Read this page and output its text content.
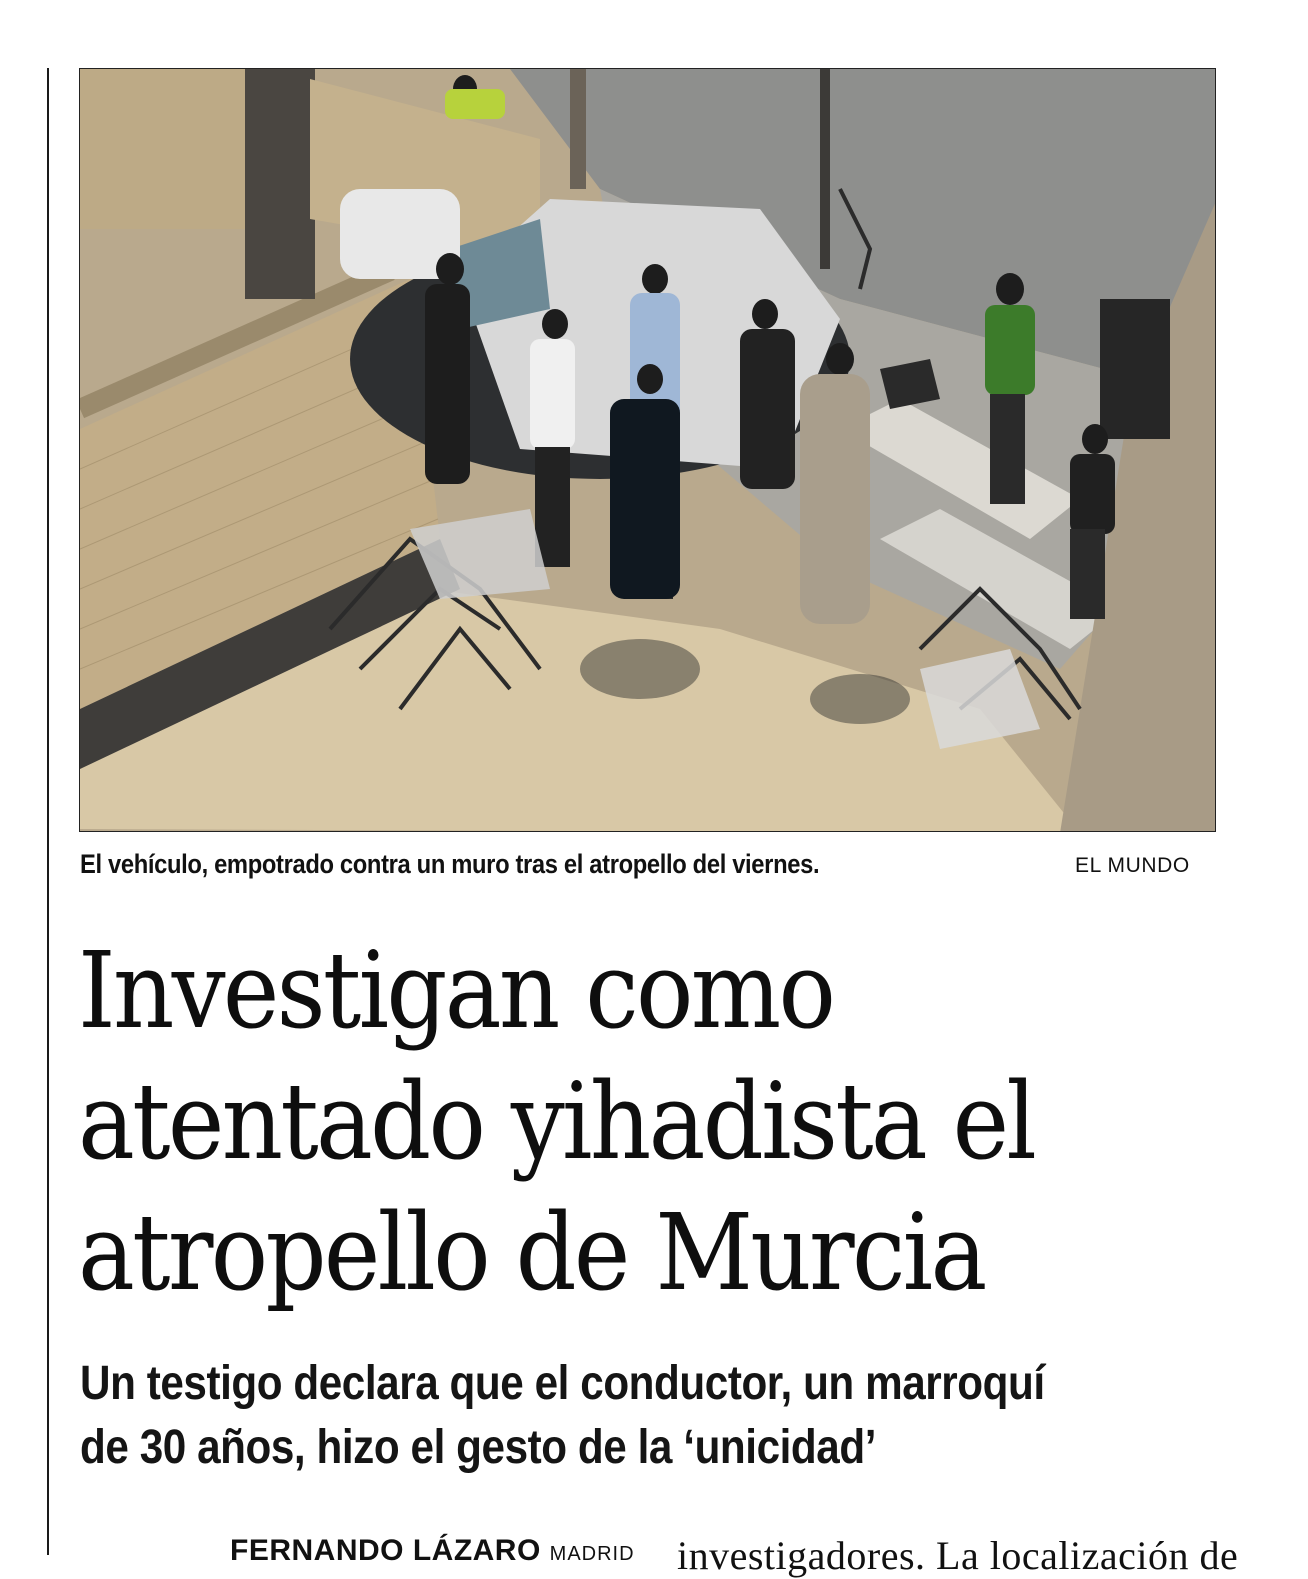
El vehículo, empotrado contra un muro tras el atropello del viernes.	EL MUNDO
Investigan como
atentado yihadista el
atropello de Murcia
Un testigo declara que el conductor, un marroquí
de 30 años, hizo el gesto de la ‘unicidad’
FERNANDO LÁZARO MADRID investigadores. La localización de
